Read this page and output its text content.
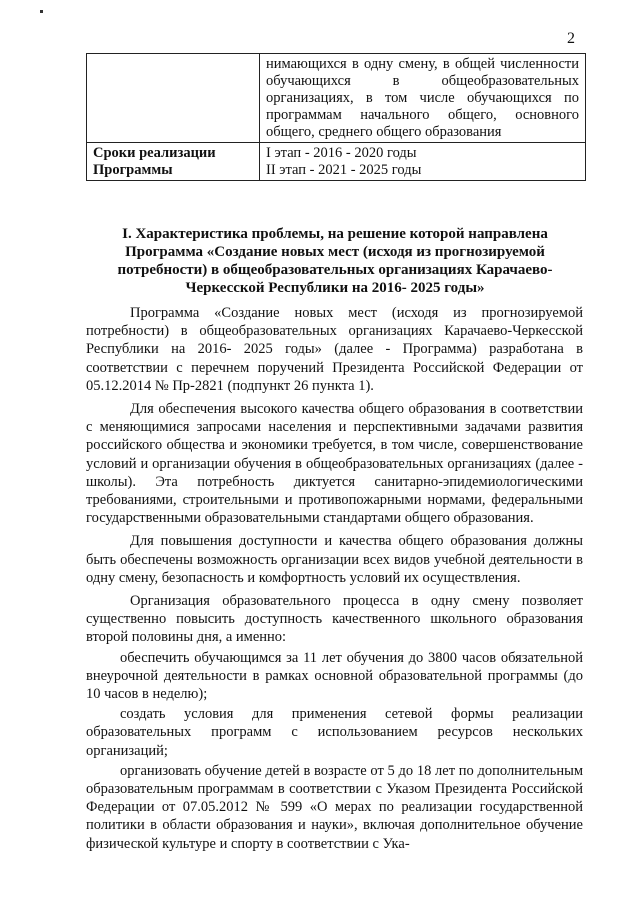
2
	нимающихся в одну смену, в общей численности обучающихся в общеобразовательных организациях, в том числе обучающихся по программам начального общего, основного общего, среднего общего образования
Сроки реализации Программы	I этап - 2016 - 2020 годы
II этап - 2021 - 2025 годы
I. Характеристика проблемы, на решение которой направлена Программа «Создание новых мест (исходя из прогнозируемой потребности) в общеобразовательных организациях Карачаево-Черкесской Республики на 2016- 2025 годы»

Программа «Создание новых мест (исходя из прогнозируемой потребности) в общеобразовательных организациях Карачаево-Черкесской Республики на 2016- 2025 годы» (далее - Программа) разработана в соответствии с перечнем поручений Президента Российской Федерации от 05.12.2014 № Пр-2821 (подпункт 26 пункта 1).

Для обеспечения высокого качества общего образования в соответствии с меняющимися запросами населения и перспективными задачами развития российского общества и экономики требуется, в том числе, совершенствование условий и организации обучения в общеобразовательных организациях (далее - школы). Эта потребность диктуется санитарно-эпидемиологическими требованиями, строительными и противопожарными нормами, федеральными государственными образовательными стандартами общего образования.

Для повышения доступности и качества общего образования должны быть обеспечены возможность организации всех видов учебной деятельности в одну смену, безопасность и комфортность условий их осуществления.

Организация образовательного процесса в одну смену позволяет существенно повысить доступность качественного школьного образования второй половины дня, а именно:

обеспечить обучающимся за 11 лет обучения до 3800 часов обязательной внеурочной деятельности в рамках основной образовательной программы (до 10 часов в неделю);

создать условия для применения сетевой формы реализации образовательных программ с использованием ресурсов нескольких организаций;

организовать обучение детей в возрасте от 5 до 18 лет по дополнительным образовательным программам в соответствии с Указом Президента Российской Федерации от 07.05.2012 № 599 «О мерах по реализации государственной политики в области образования и науки», включая дополнительное обучение физической культуре и спорту в соответствии с Ука-
